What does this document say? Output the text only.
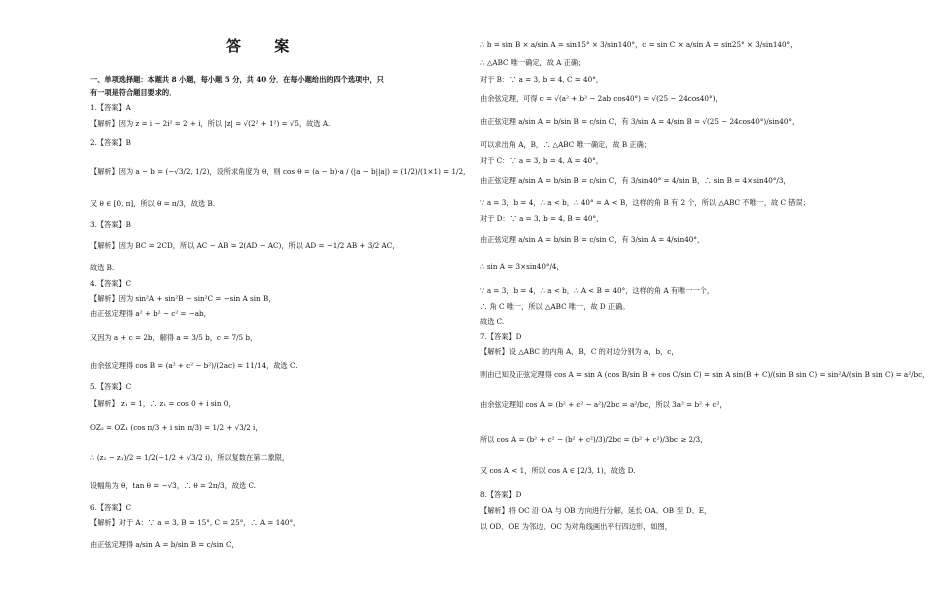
答 案
一、单项选择题：本题共 8 小题，每小题 5 分，共 40 分．在每小题给出的四个选项中，只
有一项是符合题目要求的．
1.【答案】A
【解析】因为 z = i − 2i² = 2 + i，所以 |z| = √(2² + 1²) = √5，故选 A.
2.【答案】B
【解析】因为 a − b = (−√3/2, 1/2)，设所求角度为 θ，则 cos θ = (a − b)·a / (|a − b||a|) = (1/2)/(1×1) = 1/2，
又 θ ∈ [0, π]，所以 θ = π/3，故选 B.
3.【答案】B
【解析】因为 BC = 2CD，所以 AC − AB = 2(AD − AC)，所以 AD = −1/2 AB + 3/2 AC，
故选 B.
4.【答案】C
【解析】因为 sin²A + sin²B − sin²C = −sin A sin B，
由正弦定理得 a² + b² − c² = −ab，
又因为 a + c = 2b，解得 a = 3/5 b，c = 7/5 b，
由余弦定理得 cos B = (a² + c² − b²)/(2ac) = 11/14，故选 C.
5.【答案】C
【解析】 z₁ = 1，∴ z₁ = cos 0 + i sin 0，
OZ₂ = OZ₁ (cos π/3 + i sin π/3) = 1/2 + √3/2 i，
∴ (z₂ − z₁)/2 = 1/2(−1/2 + √3/2 i)，所以复数在第二象限，
设幅角为 θ，tan θ = −√3，∴ θ = 2π/3，故选 C.
6.【答案】C
【解析】对于 A：∵ a = 3, B = 15°, C = 25°，∴ A = 140°，
由正弦定理得 a/sin A = b/sin B = c/sin C，
∴ b = sin B × a/sin A = sin15° × 3/sin140°，c = sin C × a/sin A = sin25° × 3/sin140°，
∴ △ABC 唯一确定，故 A 正确；
对于 B：∵ a = 3, b = 4, C = 40°，
由余弦定理，可得 c = √(a² + b² − 2ab cos40°) = √(25 − 24cos40°)，
由正弦定理 a/sin A = b/sin B = c/sin C，有 3/sin A = 4/sin B = √(25 − 24cos40°)/sin40°，
可以求出角 A，B，∴ △ABC 唯一确定，故 B 正确；
对于 C：∵ a = 3, b = 4, A = 40°，
由正弦定理 a/sin A = b/sin B = c/sin C，有 3/sin40° = 4/sin B，∴ sin B = 4×sin40°/3，
∵ a = 3，b = 4，∴ a < b，∴ 40° = A < B，这样的角 B 有 2 个，所以 △ABC 不唯一，故 C 错误；
对于 D：∵ a = 3, b = 4, B = 40°，
由正弦定理 a/sin A = b/sin B = c/sin C，有 3/sin A = 4/sin40°，
∴ sin A = 3×sin40°/4，
∵ a = 3，b = 4，∴ a < b，∴ A < B = 40°，这样的角 A 有唯一一个，
∴ 角 C 唯一，所以 △ABC 唯一，故 D 正确。
故选 C.
7.【答案】D
【解析】设 △ABC 的内角 A，B，C 的对边分别为 a，b，c，
则由已知及正弦定理得 cos A = sin A (cos B/sin B + cos C/sin C) = sin A sin(B + C)/(sin B sin C) = sin²A/(sin B sin C) = a²/bc，
由余弦定理知 cos A = (b² + c² − a²)/2bc = a²/bc，所以 3a² = b² + c²，
所以 cos A = (b² + c² − (b² + c²)/3)/2bc = (b² + c²)/3bc ≥ 2/3，
又 cos A < 1，所以 cos A ∈ [2/3, 1)，故选 D.
8.【答案】D
【解析】将 OC 沿 OA 与 OB 方向进行分解，延长 OA、OB 至 D、E，
以 OD、OE 为邻边、OC 为对角线画出平行四边形，如图，
